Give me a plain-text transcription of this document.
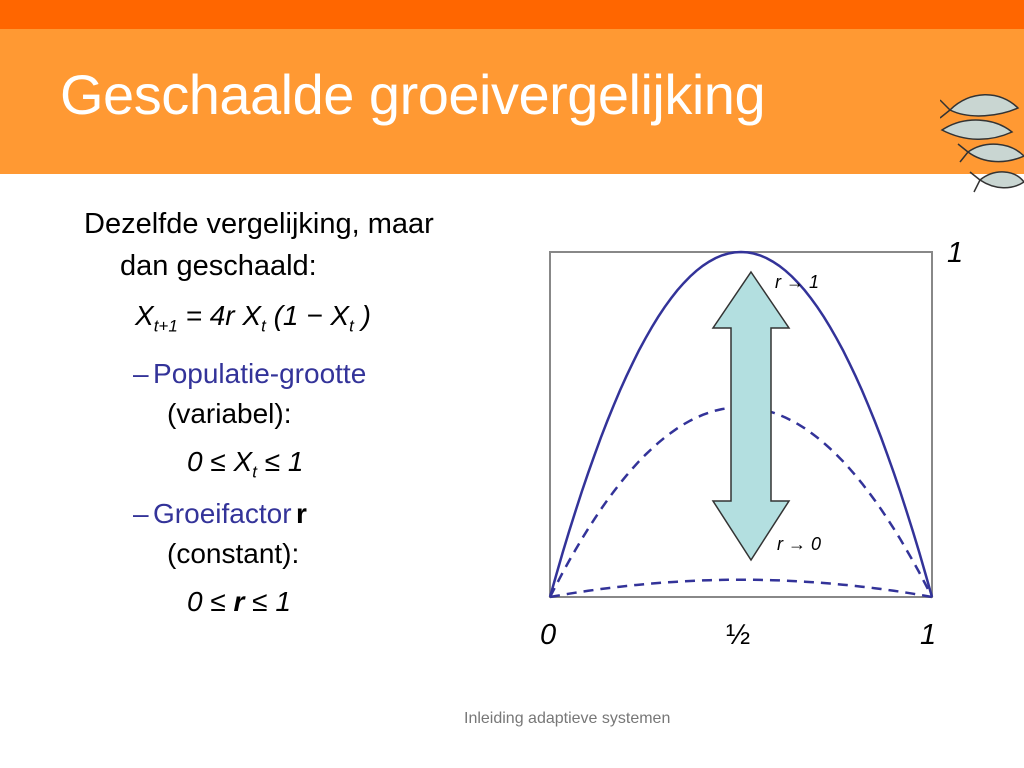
Geschaalde groeivergelijking
Dezelfde vergelijking, maar
dan geschaald:
$X_{t+1} = 4r$ $X_t$ ($1 - X_t$ )
– Populatie-grootte
(variabel):
$0 \le X_t \le 1$
– Groeifactor r
(constant):
0 ≤ r ≤ 1
r → 1
r → 0
1
0	½	1
Inleiding adaptieve systemen
